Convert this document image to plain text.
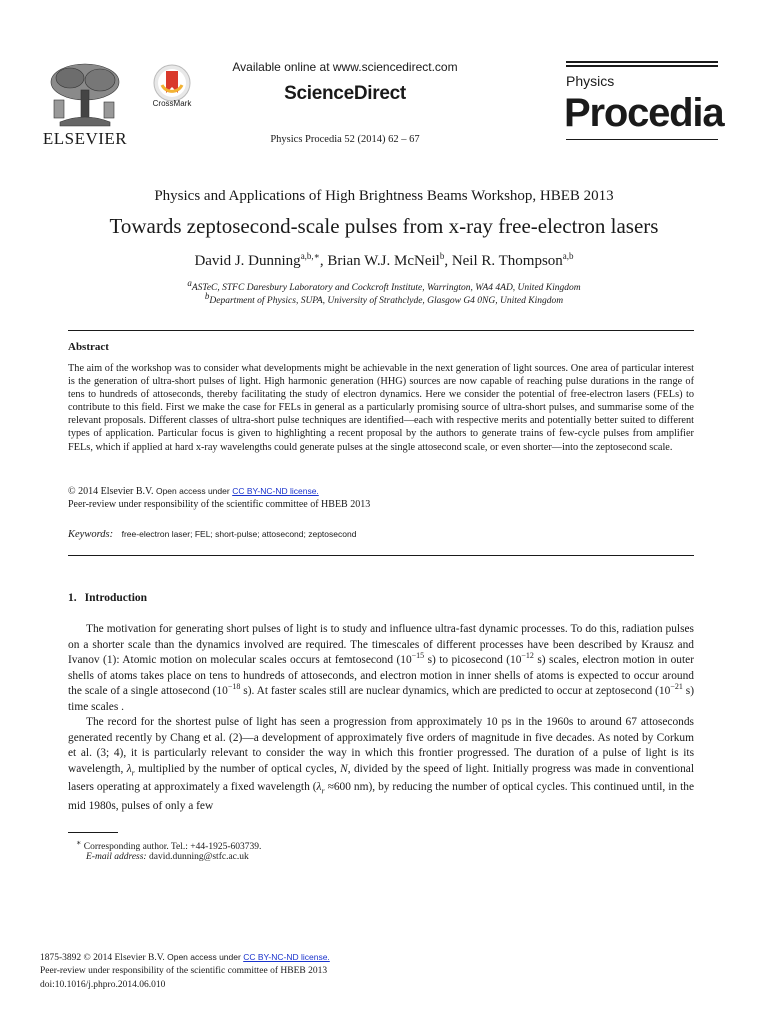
ELSEVIER
CrossMark
Available online at www.sciencedirect.com
ScienceDirect
Physics Procedia 52 (2014) 62 – 67
Physics
Procedia
Physics and Applications of High Brightness Beams Workshop, HBEB 2013
Towards zeptosecond-scale pulses from x-ray free-electron lasers
David J. Dunning$^{a,b,∗}$, Brian W.J. McNeil$^b$, Neil R. Thompson$^{a,b}$
$^a$ASTeC, STFC Daresbury Laboratory and Cockcroft Institute, Warrington, WA4 4AD, United Kingdom
$^b$Department of Physics, SUPA, University of Strathclyde, Glasgow G4 0NG, United Kingdom
Abstract
The aim of the workshop was to consider what developments might be achievable in the next generation of light sources. One area of particular interest is the generation of ultra-short pulses of light. High harmonic generation (HHG) sources are now capable of reaching pulse durations in the range of tens to hundreds of attoseconds, thereby facilitating the study of electron dynamics. Here we consider the potential of free-electron lasers (FELs) to contribute to this field. First we make the case for FELs in general as a particularly promising source of ultra-short pulses, and summarise some of the relevant proposals. Different classes of ultra-short pulse techniques are identified—each with respective merits and potentially better suited to different types of application. Particular focus is given to highlighting a recent proposal by the authors to generate trains of few-cycle pulses from amplifier FELs, which if applied at hard x-ray wavelengths could generate pulses at the single attosecond scale, or even shorter—into the zeptosecond scale.
© 2014 Elsevier B.V. Open access under CC BY-NC-ND license.
Peer-review under responsibility of the scientific committee of HBEB 2013
Keywords: free-electron laser; FEL; short-pulse; attosecond; zeptosecond
1. Introduction

The motivation for generating short pulses of light is to study and influence ultra-fast dynamic processes. To do this, radiation pulses on a shorter scale than the dynamics involved are required. The timescales of different processes have been described by Krausz and Ivanov (1): Atomic motion on molecular scales occurs at femtosecond ($10^{-15}$ s) to picosecond ($10^{-12}$ s) scales, electron motion in outer shells of atoms takes place on tens to hundreds of attoseconds, and electron motion in inner shells of atoms is expected to occur around the scale of a single attosecond ($10^{-18}$ s). At faster scales still are nuclear dynamics, which are predicted to occur at zeptosecond ($10^{-21}$ s) time scales .

The record for the shortest pulse of light has seen a progression from approximately 10 ps in the 1960s to around 67 attoseconds generated recently by Chang et al. (2)—a development of approximately five orders of magnitude in five decades. As noted by Corkum et al. (3; 4), it is particularly relevant to consider the way in which this frontier progressed. The duration of a pulse of light is its wavelength, $\lambda_r$ multiplied by the number of optical cycles, N, divided by the speed of light. Initially progress was made in conventional lasers operating at approximately a fixed wavelength ($\lambda_r \approx 600$ nm), by reducing the number of optical cycles. This continued until, in the mid 1980s, pulses of only a few

∗ Corresponding author. Tel.: +44-1925-603739.
E-mail address: david.dunning@stfc.ac.uk
1875-3892 © 2014 Elsevier B.V. Open access under CC BY-NC-ND license.
Peer-review under responsibility of the scientific committee of HBEB 2013
doi:10.1016/j.phpro.2014.06.010
